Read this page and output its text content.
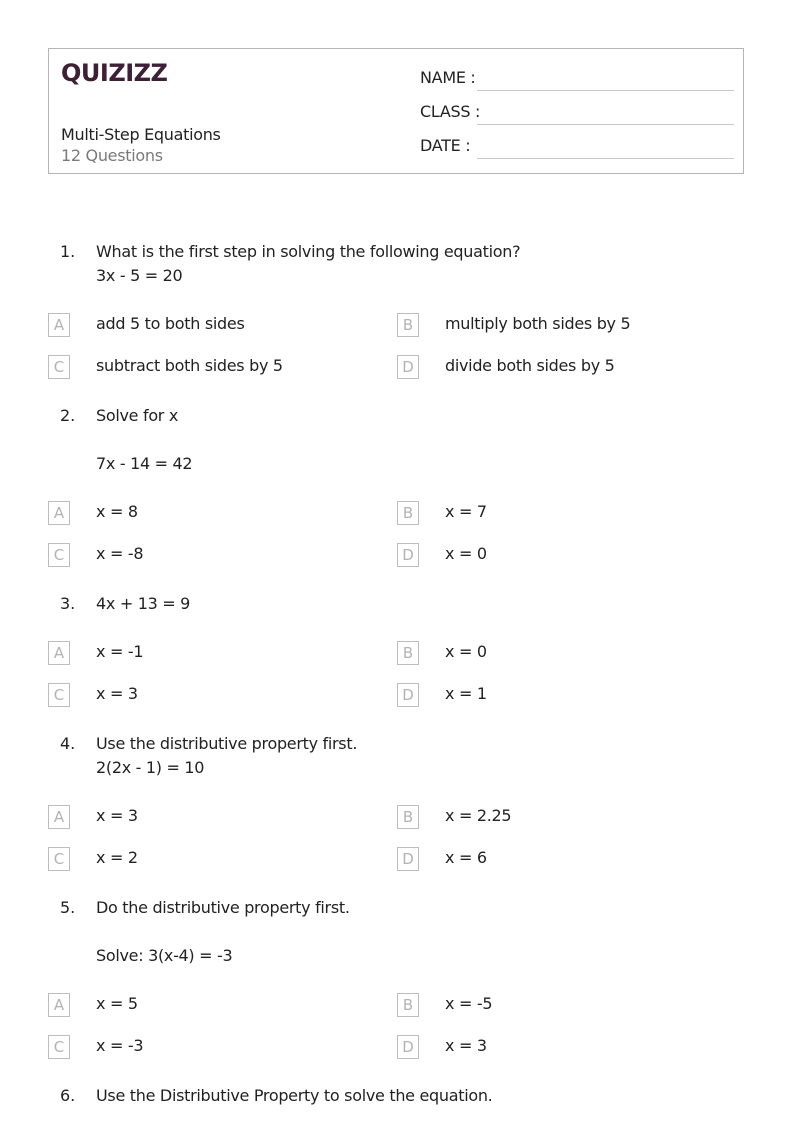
QUIZIZZ
Multi-Step Equations
12 Questions
NAME :
CLASS :
DATE :
1. What is the first step in solving the following equation?
3x - 5 = 20
A	add 5 to both sides	B	multiply both sides by 5
C	subtract both sides by 5	D	divide both sides by 5
2. Solve for x
7x - 14 = 42
A	x = 8	B	x = 7
C	x = -8	D	x = 0
3. 4x + 13 = 9
A	x = -1	B	x = 0
C	x = 3	D	x = 1
4. Use the distributive property first.
2(2x - 1) = 10
A	x = 3	B	x = 2.25
C	x = 2	D	x = 6
5. Do the distributive property first.
Solve: 3(x-4) = -3
A	x = 5	B	x = -5
C	x = -3	D	x = 3
6. Use the Distributive Property to solve the equation.
